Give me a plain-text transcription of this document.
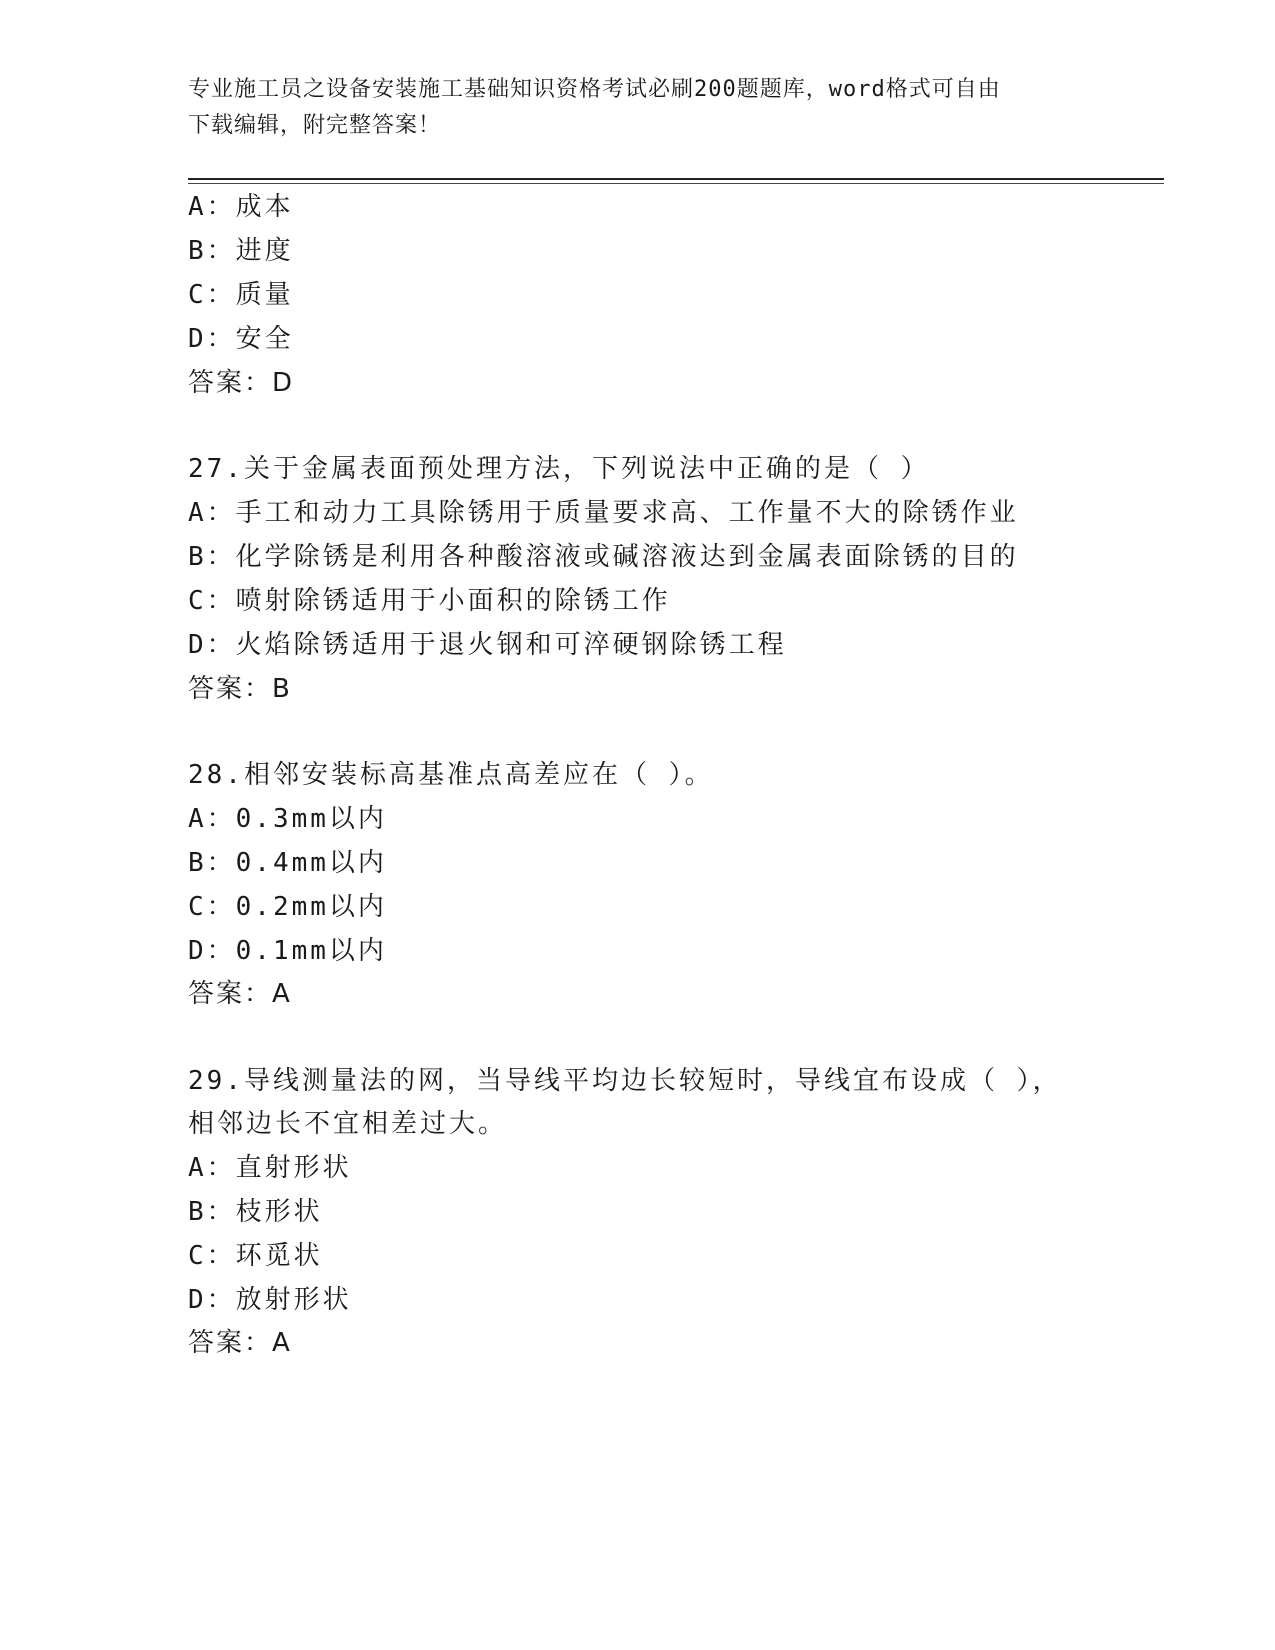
专业施工员之设备安装施工基础知识资格考试必刷200题题库，word格式可自由
下载编辑，附完整答案！
A：成本
B：进度
C：质量
D：安全
答案：D
27.关于金属表面预处理方法，下列说法中正确的是（ ）
A：手工和动力工具除锈用于质量要求高、工作量不大的除锈作业
B：化学除锈是利用各种酸溶液或碱溶液达到金属表面除锈的目的
C：喷射除锈适用于小面积的除锈工作
D：火焰除锈适用于退火钢和可淬硬钢除锈工程
答案：B
28.相邻安装标高基准点高差应在（ ）。
A：0.3mm以内
B：0.4mm以内
C：0.2mm以内
D：0.1mm以内
答案：A
29.导线测量法的网，当导线平均边长较短时，导线宜布设成（ ），
相邻边长不宜相差过大。
A：直射形状
B：枝形状
C：环觅状
D：放射形状
答案：A
